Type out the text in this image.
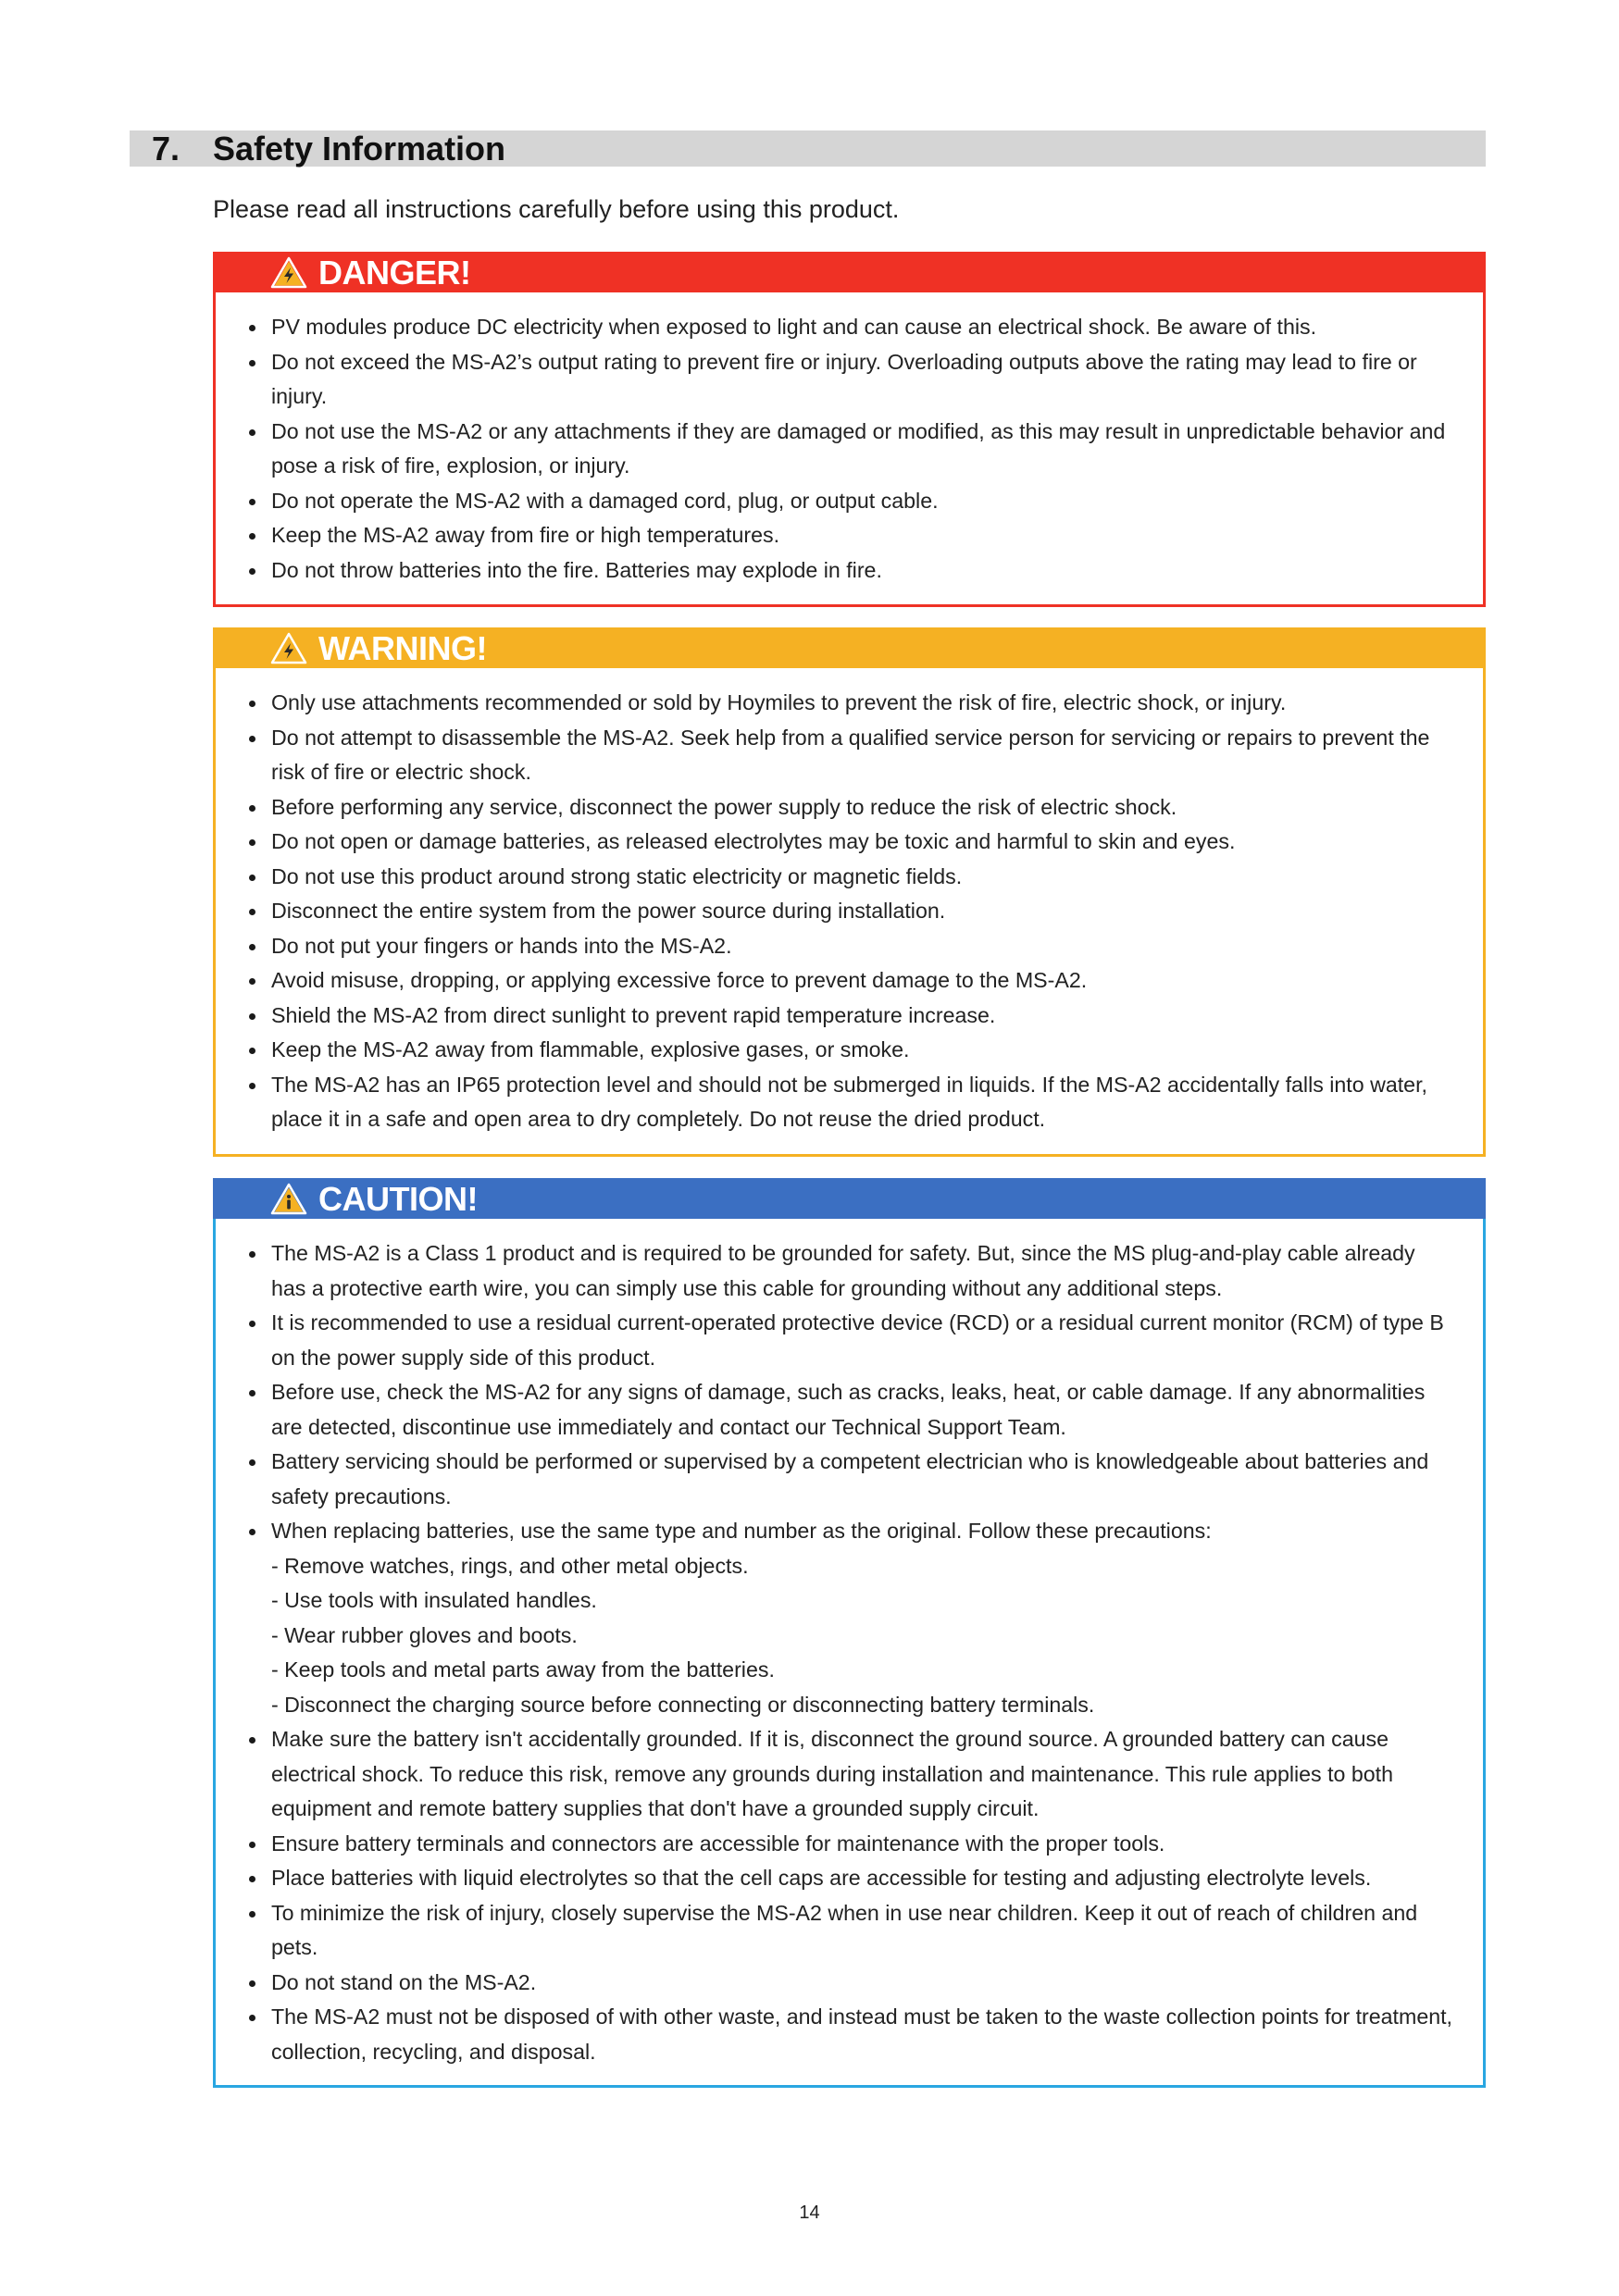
7. Safety Information
Please read all instructions carefully before using this product.
DANGER!
PV modules produce DC electricity when exposed to light and can cause an electrical shock. Be aware of this.
Do not exceed the MS-A2’s output rating to prevent fire or injury. Overloading outputs above the rating may lead to fire or injury.
Do not use the MS-A2 or any attachments if they are damaged or modified, as this may result in unpredictable behavior and pose a risk of fire, explosion, or injury.
Do not operate the MS-A2 with a damaged cord, plug, or output cable.
Keep the MS-A2 away from fire or high temperatures.
Do not throw batteries into the fire. Batteries may explode in fire.
WARNING!
Only use attachments recommended or sold by Hoymiles to prevent the risk of fire, electric shock, or injury.
Do not attempt to disassemble the MS-A2. Seek help from a qualified service person for servicing or repairs to prevent the risk of fire or electric shock.
Before performing any service, disconnect the power supply to reduce the risk of electric shock.
Do not open or damage batteries, as released electrolytes may be toxic and harmful to skin and eyes.
Do not use this product around strong static electricity or magnetic fields.
Disconnect the entire system from the power source during installation.
Do not put your fingers or hands into the MS-A2.
Avoid misuse, dropping, or applying excessive force to prevent damage to the MS-A2.
Shield the MS-A2 from direct sunlight to prevent rapid temperature increase.
Keep the MS-A2 away from flammable, explosive gases, or smoke.
The MS-A2 has an IP65 protection level and should not be submerged in liquids. If the MS-A2 accidentally falls into water, place it in a safe and open area to dry completely. Do not reuse the dried product.
CAUTION!
The MS-A2 is a Class 1 product and is required to be grounded for safety. But, since the MS plug-and-play cable already has a protective earth wire, you can simply use this cable for grounding without any additional steps.
It is recommended to use a residual current-operated protective device (RCD) or a residual current monitor (RCM) of type B on the power supply side of this product.
Before use, check the MS-A2 for any signs of damage, such as cracks, leaks, heat, or cable damage. If any abnormalities are detected, discontinue use immediately and contact our Technical Support Team.
Battery servicing should be performed or supervised by a competent electrician who is knowledgeable about batteries and safety precautions.
When replacing batteries, use the same type and number as the original. Follow these precautions:
- Remove watches, rings, and other metal objects.
- Use tools with insulated handles.
- Wear rubber gloves and boots.
- Keep tools and metal parts away from the batteries.
- Disconnect the charging source before connecting or disconnecting battery terminals.
Make sure the battery isn't accidentally grounded. If it is, disconnect the ground source. A grounded battery can cause electrical shock. To reduce this risk, remove any grounds during installation and maintenance. This rule applies to both equipment and remote battery supplies that don't have a grounded supply circuit.
Ensure battery terminals and connectors are accessible for maintenance with the proper tools.
Place batteries with liquid electrolytes so that the cell caps are accessible for testing and adjusting electrolyte levels.
To minimize the risk of injury, closely supervise the MS-A2 when in use near children. Keep it out of reach of children and pets.
Do not stand on the MS-A2.
The MS-A2 must not be disposed of with other waste, and instead must be taken to the waste collection points for treatment, collection, recycling, and disposal.
14
